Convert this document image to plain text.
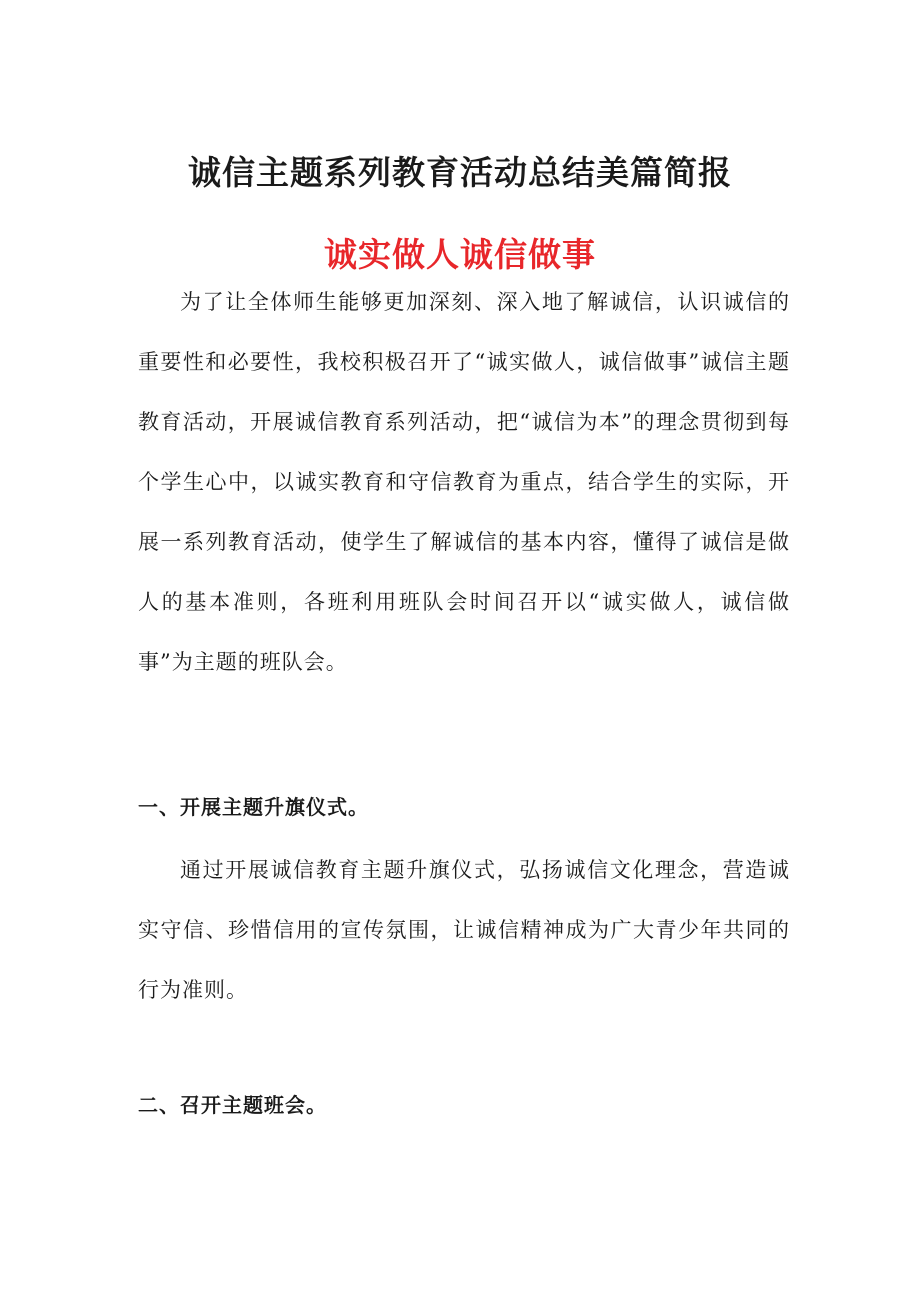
诚信主题系列教育活动总结美篇简报
诚实做人诚信做事

为了让全体师生能够更加深刻、深入地了解诚信，认识诚信的重要性和必要性，我校积极召开了“诚实做人，诚信做事”诚信主题教育活动，开展诚信教育系列活动，把“诚信为本”的理念贯彻到每个学生心中，以诚实教育和守信教育为重点，结合学生的实际，开展一系列教育活动，使学生了解诚信的基本内容，懂得了诚信是做人的基本准则，各班利用班队会时间召开以“诚实做人，诚信做事”为主题的班队会。

一、开展主题升旗仪式。

通过开展诚信教育主题升旗仪式，弘扬诚信文化理念，营造诚实守信、珍惜信用的宣传氛围，让诚信精神成为广大青少年共同的行为准则。

二、召开主题班会。
